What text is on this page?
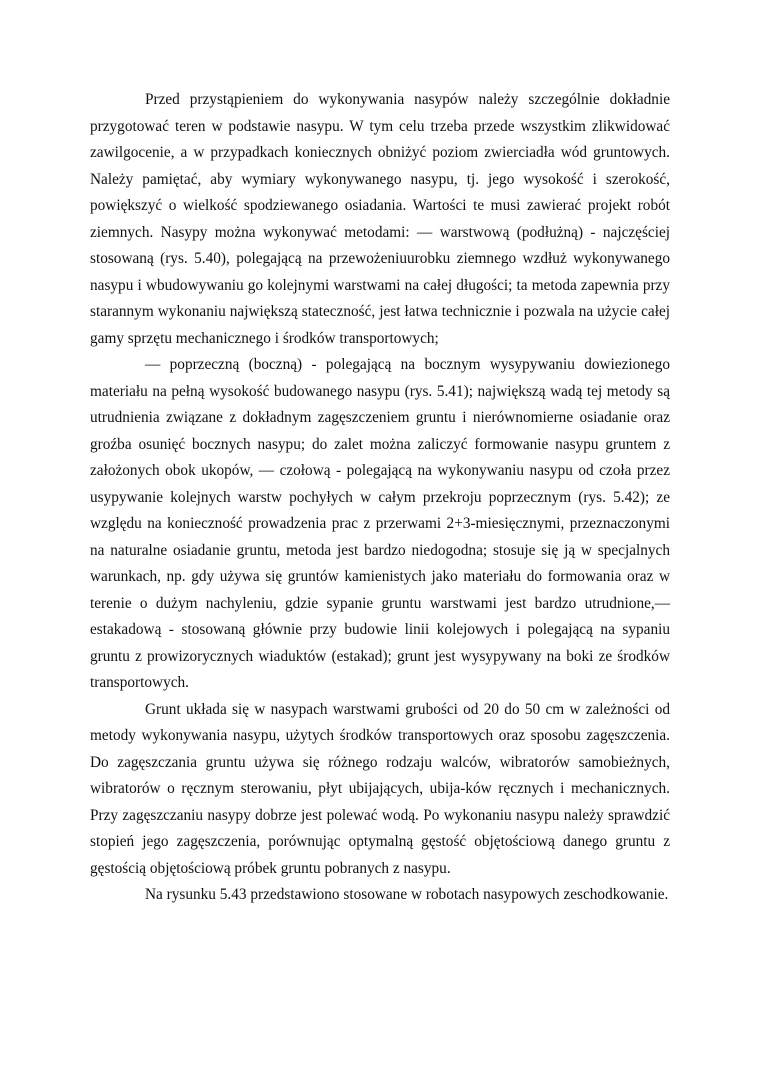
Przed przystąpieniem do wykonywania nasypów należy szczególnie dokładnie przygotować teren w podstawie nasypu. W tym celu trzeba przede wszystkim zlikwidować zawilgocenie, a w przypadkach koniecznych obniżyć poziom zwierciadła wód gruntowych. Należy pamiętać, aby wymiary wykonywanego nasypu, tj. jego wysokość i szerokość, powiększyć o wielkość spodziewanego osiadania. Wartości te musi zawierać projekt robót ziemnych. Nasypy można wykonywać metodami: — warstwową (podłużną) - najczęściej stosowaną (rys. 5.40), polegającą na przewożeniuurobku ziemnego wzdłuż wykonywanego nasypu i wbudowywaniu go kolejnymi warstwami na całej długości; ta metoda zapewnia przy starannym wykonaniu największą stateczność, jest łatwa technicznie i pozwala na użycie całej gamy sprzętu mechanicznego i środków transportowych;

— poprzeczną (boczną) - polegającą na bocznym wysypywaniu dowiezionego materiału na pełną wysokość budowanego nasypu (rys. 5.41); największą wadą tej metody są utrudnienia związane z dokładnym zagęszczeniem gruntu i nierównomierne osiadanie oraz groźba osunięć bocznych nasypu; do zalet można zaliczyć formowanie nasypu gruntem z założonych obok ukopów, — czołową - polegającą na wykonywaniu nasypu od czoła przez usypywanie kolejnych warstw pochyłych w całym przekroju poprzecznym (rys. 5.42); ze względu na konieczność prowadzenia prac z przerwami 2+3-miesięcznymi, przeznaczonymi na naturalne osiadanie gruntu, metoda jest bardzo niedogodna; stosuje się ją w specjalnych warunkach, np. gdy używa się gruntów kamienistych jako materiału do formowania oraz w terenie o dużym nachyleniu, gdzie sypanie gruntu warstwami jest bardzo utrudnione,— estakadową - stosowaną głównie przy budowie linii kolejowych i polegającą na sypaniu gruntu z prowizorycznych wiaduktów (estakad); grunt jest wysypywany na boki ze środków transportowych.

Grunt układa się w nasypach warstwami grubości od 20 do 50 cm w zależności od metody wykonywania nasypu, użytych środków transportowych oraz sposobu zagęszczenia. Do zagęszczania gruntu używa się różnego rodzaju walców, wibratorów samobieżnych, wibratorów o ręcznym sterowaniu, płyt ubijających, ubija-ków ręcznych i mechanicznych. Przy zagęszczaniu nasypy dobrze jest polewać wodą. Po wykonaniu nasypu należy sprawdzić stopień jego zagęszczenia, porównując optymalną gęstość objętościową danego gruntu z gęstością objętościową próbek gruntu pobranych z nasypu.

Na rysunku 5.43 przedstawiono stosowane w robotach nasypowych zeschodkowanie.
